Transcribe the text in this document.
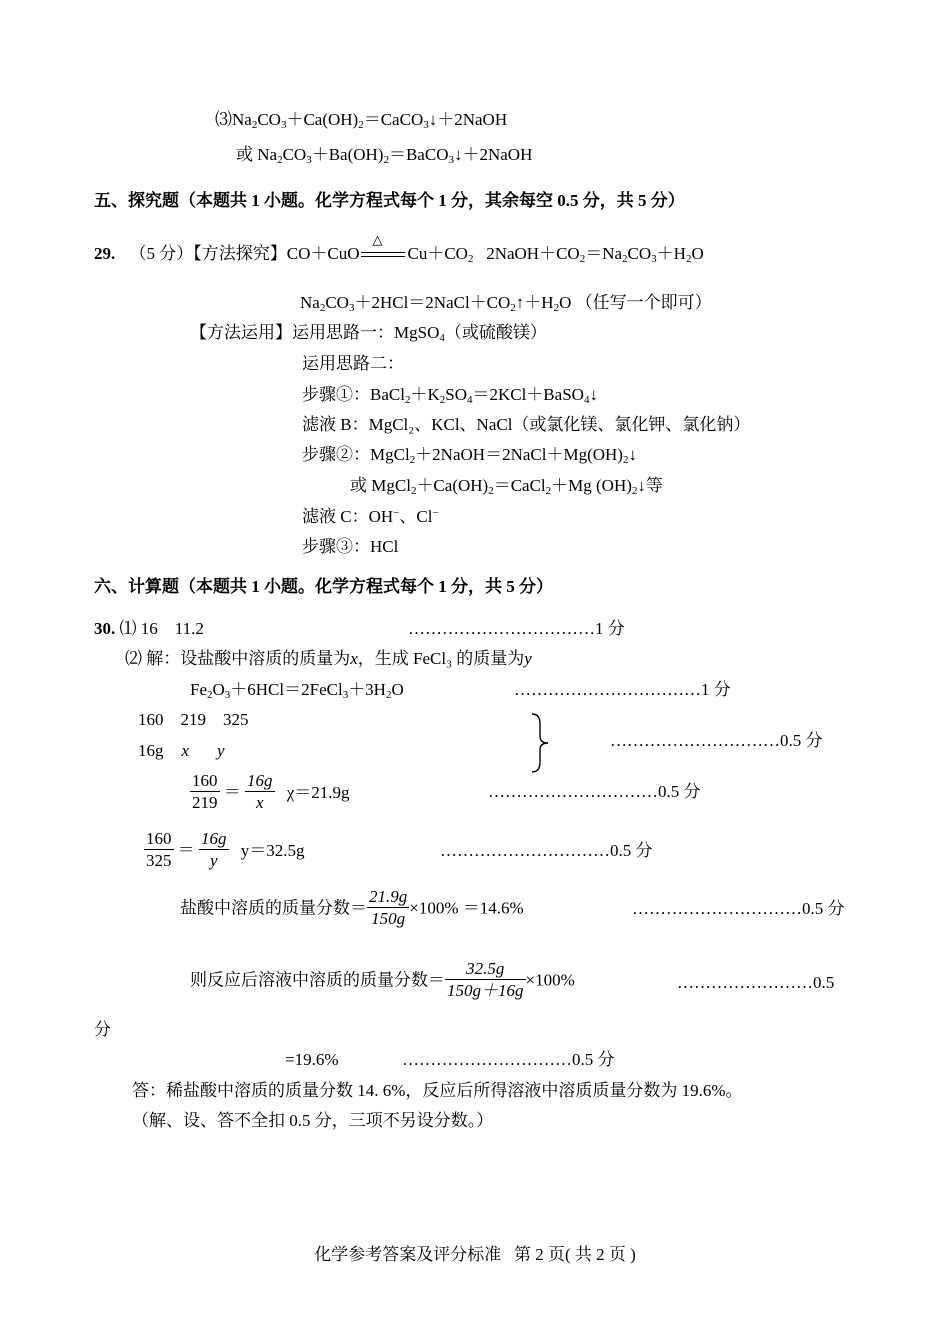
$⑶Na_2CO_3+Ca(OH)_2=CaCO_3↓+2NaOH$
或 $Na_2CO_3+Ba(OH)_2=BaCO_3↓+2NaOH$
五、探究题（本题共 1 小题。化学方程式每个 1 分，其余每空 0.5 分，共 5 分）
29. （5 分）【方法探究】CO＋CuO
△
$Cu+CO_2$   $2NaOH+CO_2=Na_2CO_3+H_2O$
$Na_2CO_3+2HCl=2NaCl+CO_2↑+H_2O$ （任写一个即可）
【方法运用】运用思路一：MgSO$_4$（或硫酸镁）
运用思路二：
步骤①：$BaCl_2+K_2SO_4=2KCl+BaSO_4↓$
滤液 B：MgCl₂、KCl、NaCl（或氯化镁、氯化钾、氯化钠）
步骤②：$MgCl_2+2NaOH=2NaCl+Mg(OH)_2↓$
或 $MgCl_2+Ca(OH)_2=CaCl_2+Mg$ $(OH)_2↓$等
滤液 C：OH−、Cl−
步骤③：HCl
六、计算题（本题共 1 小题。化学方程式每个 1 分，共 5 分）
30. ⑴ 16    11.2	……………………………1 分
⑵ 解：设盐酸中溶质的质量为x，生成 FeCl₃ 的质量为y
$Fe_2O_3+6HCl=2FeCl_3+3H_2O$	……………………………1 分
160    219    325
16g x y
…………………………0.5 分
$\frac{160}{219} = \frac{16g}{x} \chi=21.9g$	…………………………0.5 分
$\frac{160}{325} = \frac{16g}{y} y=32.5g$	…………………………0.5 分
盐酸中溶质的质量分数＝ $\frac{21.9g}{150g} \times 100\% =14.6\%$	…………………………0.5 分
则反应后溶液中溶质的质量分数＝ $\frac{32.5g}{150g+16g} \times 100\%$	……………………0.5
分
=19.6%	…………………………0.5 分
答：稀盐酸中溶质的质量分数 14. 6%，反应后所得溶液中溶质质量分数为 19.6%。
（解、设、答不全扣 0.5 分，三项不另设分数。）
化学参考答案及评分标准   第 2 页( 共 2 页 )
